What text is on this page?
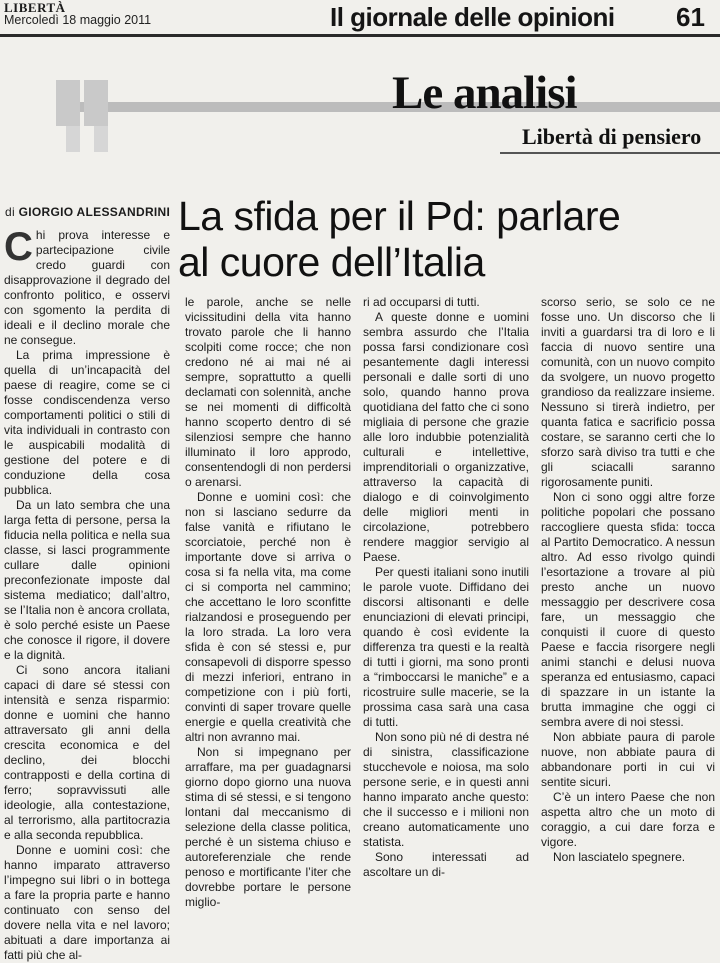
LIBERTÀ
Mercoledì 18 maggio 2011	Il giornale delle opinioni 61
Le analisi
Libertà di pensiero
di GIORGIO ALESSANDRINI La sfida per il Pd: parlare
al cuore dell’Italia

Chi prova interesse e partecipazione civile credo guardi con disapprovazione il degrado del confronto politico, e osservi con sgomento la perdita di ideali e il declino morale che ne consegue.

La prima impressione è quella di un’incapacità del paese di reagire, come se ci fosse condiscendenza verso comportamenti politici o stili di vita individuali in contrasto con le auspicabili modalità di gestione del potere e di conduzione della cosa pubblica.

Da un lato sembra che una larga fetta di persone, persa la fiducia nella politica e nella sua classe, si lasci programmente cullare dalle opinioni preconfezionate imposte dal sistema mediatico; dall’altro, se l’Italia non è ancora crollata, è solo perché esiste un Paese che conosce il rigore, il dovere e la dignità.

Ci sono ancora italiani capaci di dare sé stessi con intensità e senza risparmio: donne e uomini che hanno attraversato gli anni della crescita economica e del declino, dei blocchi contrapposti e della cortina di ferro; sopravvissuti alle ideologie, alla contestazione, al terrorismo, alla partitocrazia e alla seconda repubblica.

Donne e uomini così: che hanno imparato attraverso l’impegno sui libri o in bottega a fare la propria parte e hanno continuato con senso del dovere nella vita e nel lavoro; abituati a dare importanza ai fatti più che al-

le parole, anche se nelle vicissitudini della vita hanno trovato parole che li hanno scolpiti come rocce; che non credono né ai mai né ai sempre, soprattutto a quelli declamati con solennità, anche se nei momenti di difficoltà hanno scoperto dentro di sé silenziosi sempre che hanno illuminato il loro approdo, consentendogli di non perdersi o arenarsi.

Donne e uomini così: che non si lasciano sedurre da false vanità e rifiutano le scorciatoie, perché non è importante dove si arriva o cosa si fa nella vita, ma come ci si comporta nel cammino; che accettano le loro sconfitte rialzandosi e proseguendo per la loro strada. La loro vera sfida è con sé stessi e, pur consapevoli di disporre spesso di mezzi inferiori, entrano in competizione con i più forti, convinti di saper trovare quelle energie e quella creatività che altri non avranno mai.

Non si impegnano per arraffare, ma per guadagnarsi giorno dopo giorno una nuova stima di sé stessi, e si tengono lontani dal meccanismo di selezione della classe politica, perché è un sistema chiuso e autoreferenziale che rende penoso e mortificante l’iter che dovrebbe portare le persone miglio-

ri ad occuparsi di tutti.

A queste donne e uomini sembra assurdo che l’Italia possa farsi condizionare così pesantemente dagli interessi personali e dalle sorti di uno solo, quando hanno prova quotidiana del fatto che ci sono migliaia di persone che grazie alle loro indubbie potenzialità culturali e intellettive, imprenditoriali o organizzative, attraverso la capacità di dialogo e di coinvolgimento delle migliori menti in circolazione, potrebbero rendere maggior servigio al Paese.

Per questi italiani sono inutili le parole vuote. Diffidano dei discorsi altisonanti e delle enunciazioni di elevati principi, quando è così evidente la differenza tra questi e la realtà di tutti i giorni, ma sono pronti a “rimboccarsi le maniche” e a ricostruire sulle macerie, se la prossima casa sarà una casa di tutti.

Non sono più né di destra né di sinistra, classificazione stucchevole e noiosa, ma solo persone serie, e in questi anni hanno imparato anche questo: che il successo e i milioni non creano automaticamente uno statista.

Sono interessati ad ascoltare un di-

scorso serio, se solo ce ne fosse uno. Un discorso che li inviti a guardarsi tra di loro e li faccia di nuovo sentire una comunità, con un nuovo compito da svolgere, un nuovo progetto grandioso da realizzare insieme. Nessuno si tirerà indietro, per quanta fatica e sacrificio possa costare, se saranno certi che lo sforzo sarà diviso tra tutti e che gli sciacalli saranno rigorosamente puniti.

Non ci sono oggi altre forze politiche popolari che possano raccogliere questa sfida: tocca al Partito Democratico. A nessun altro. Ad esso rivolgo quindi l’esortazione a trovare al più presto anche un nuovo messaggio per descrivere cosa fare, un messaggio che conquisti il cuore di questo Paese e faccia risorgere negli animi stanchi e delusi nuova speranza ed entusiasmo, capaci di spazzare in un istante la brutta immagine che oggi ci sembra avere di noi stessi.

Non abbiate paura di parole nuove, non abbiate paura di abbandonare porti in cui vi sentite sicuri.

C’è un intero Paese che non aspetta altro che un moto di coraggio, a cui dare forza e vigore.

Non lasciatelo spegnere.
